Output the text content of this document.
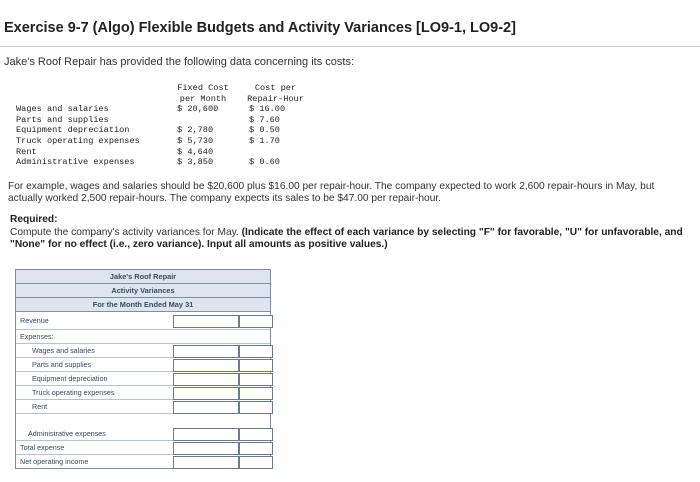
Exercise 9-7 (Algo) Flexible Budgets and Activity Variances [LO9-1, LO9-2]
Jake's Roof Repair has provided the following data concerning its costs:
	Fixed Cost	Cost per
	per Month	Repair-Hour
Wages and salaries	$ 20,600	$ 16.00
Parts and supplies		$ 7.60
Equipment depreciation	$ 2,780	$ 0.50
Truck operating expenses	$ 5,730	$ 1.70
Rent	$ 4,640	
Administrative expenses	$ 3,850	$ 0.60
For example, wages and salaries should be $20,600 plus $16.00 per repair-hour. The company expected to work 2,600 repair-hours in May, but actually worked 2,500 repair-hours. The company expects its sales to be $47.00 per repair-hour.
Required:
Compute the company's activity variances for May. (Indicate the effect of each variance by selecting "F" for favorable, "U" for unfavorable, and "None" for no effect (i.e., zero variance). Input all amounts as positive values.)
Jake's Roof Repair
Activity Variances
For the Month Ended May 31
Revenue
Expenses:
Wages and salaries
Parts and supplies
Equipment depreciation
Truck operating expenses
Rent
Administrative expenses
Total expense
Net operating income
